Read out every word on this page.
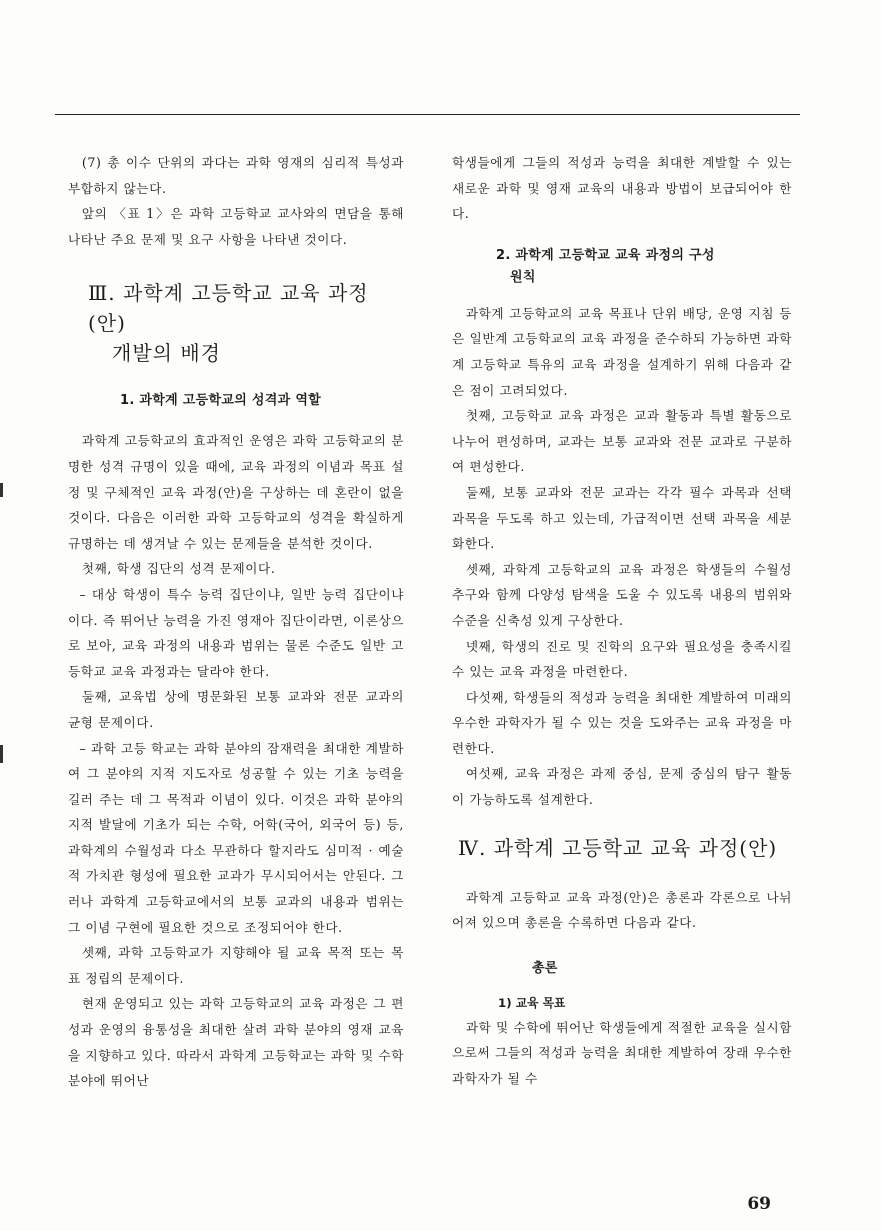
(7) 총 이수 단위의 과다는 과학 영재의 심리적 특성과 부합하지 않는다.

앞의 〈표 1〉은 과학 고등학교 교사와의 면담을 통해 나타난 주요 문제 및 요구 사항을 나타낸 것이다.

Ⅲ. 과학계 고등학교 교육 과정(안)
개발의 배경
1. 과학계 고등학교의 성격과 역할

과학계 고등학교의 효과적인 운영은 과학 고등학교의 분명한 성격 규명이 있을 때에, 교육 과정의 이념과 목표 설정 및 구체적인 교육 과정(안)을 구상하는 데 혼란이 없을 것이다. 다음은 이러한 과학 고등학교의 성격을 확실하게 규명하는 데 생겨날 수 있는 문제들을 분석한 것이다.

첫째, 학생 집단의 성격 문제이다.

– 대상 학생이 특수 능력 집단이냐, 일반 능력 집단이냐이다. 즉 뛰어난 능력을 가진 영재아 집단이라면, 이론상으로 보아, 교육 과정의 내용과 범위는 물론 수준도 일반 고등학교 교육 과정과는 달라야 한다.

둘째, 교육법 상에 명문화된 보통 교과와 전문 교과의 균형 문제이다.

– 과학 고등 학교는 과학 분야의 잠재력을 최대한 계발하여 그 분야의 지적 지도자로 성공할 수 있는 기초 능력을 길러 주는 데 그 목적과 이념이 있다. 이것은 과학 분야의 지적 발달에 기초가 되는 수학, 어학(국어, 외국어 등) 등, 과학계의 수월성과 다소 무관하다 할지라도 심미적 · 예술적 가치관 형성에 필요한 교과가 무시되어서는 안된다. 그러나 과학계 고등학교에서의 보통 교과의 내용과 범위는 그 이념 구현에 필요한 것으로 조정되어야 한다.

셋째, 과학 고등학교가 지향해야 될 교육 목적 또는 목표 정립의 문제이다.

현재 운영되고 있는 과학 고등학교의 교육 과정은 그 편성과 운영의 융통성을 최대한 살려 과학 분야의 영재 교육을 지향하고 있다. 따라서 과학계 고등학교는 과학 및 수학 분야에 뛰어난

학생들에게 그들의 적성과 능력을 최대한 계발할 수 있는 새로운 과학 및 영재 교육의 내용과 방법이 보급되어야 한다.

2. 과학계 고등학교 교육 과정의 구성
원칙

과학계 고등학교의 교육 목표나 단위 배당, 운영 지침 등은 일반계 고등학교의 교육 과정을 준수하되 가능하면 과학계 고등학교 특유의 교육 과정을 설계하기 위해 다음과 같은 점이 고려되었다.

첫째, 고등학교 교육 과정은 교과 활동과 특별 활동으로 나누어 편성하며, 교과는 보통 교과와 전문 교과로 구분하여 편성한다.

둘째, 보통 교과와 전문 교과는 각각 필수 과목과 선택 과목을 두도록 하고 있는데, 가급적이면 선택 과목을 세분화한다.

셋째, 과학계 고등학교의 교육 과정은 학생들의 수월성 추구와 함께 다양성 탐색을 도울 수 있도록 내용의 범위와 수준을 신축성 있게 구상한다.

넷째, 학생의 진로 및 진학의 요구와 필요성을 충족시킬 수 있는 교육 과정을 마련한다.

다섯째, 학생들의 적성과 능력을 최대한 계발하여 미래의 우수한 과학자가 될 수 있는 것을 도와주는 교육 과정을 마련한다.

여섯째, 교육 과정은 과제 중심, 문제 중심의 탐구 활동이 가능하도록 설계한다.

Ⅳ. 과학계 고등학교 교육 과정(안)

과학계 고등학교 교육 과정(안)은 총론과 각론으로 나뉘어져 있으며 총론을 수록하면 다음과 같다.

총론
1) 교육 목표

과학 및 수학에 뛰어난 학생들에게 적절한 교육을 실시함으로써 그들의 적성과 능력을 최대한 계발하여 장래 우수한 과학자가 될 수

69
